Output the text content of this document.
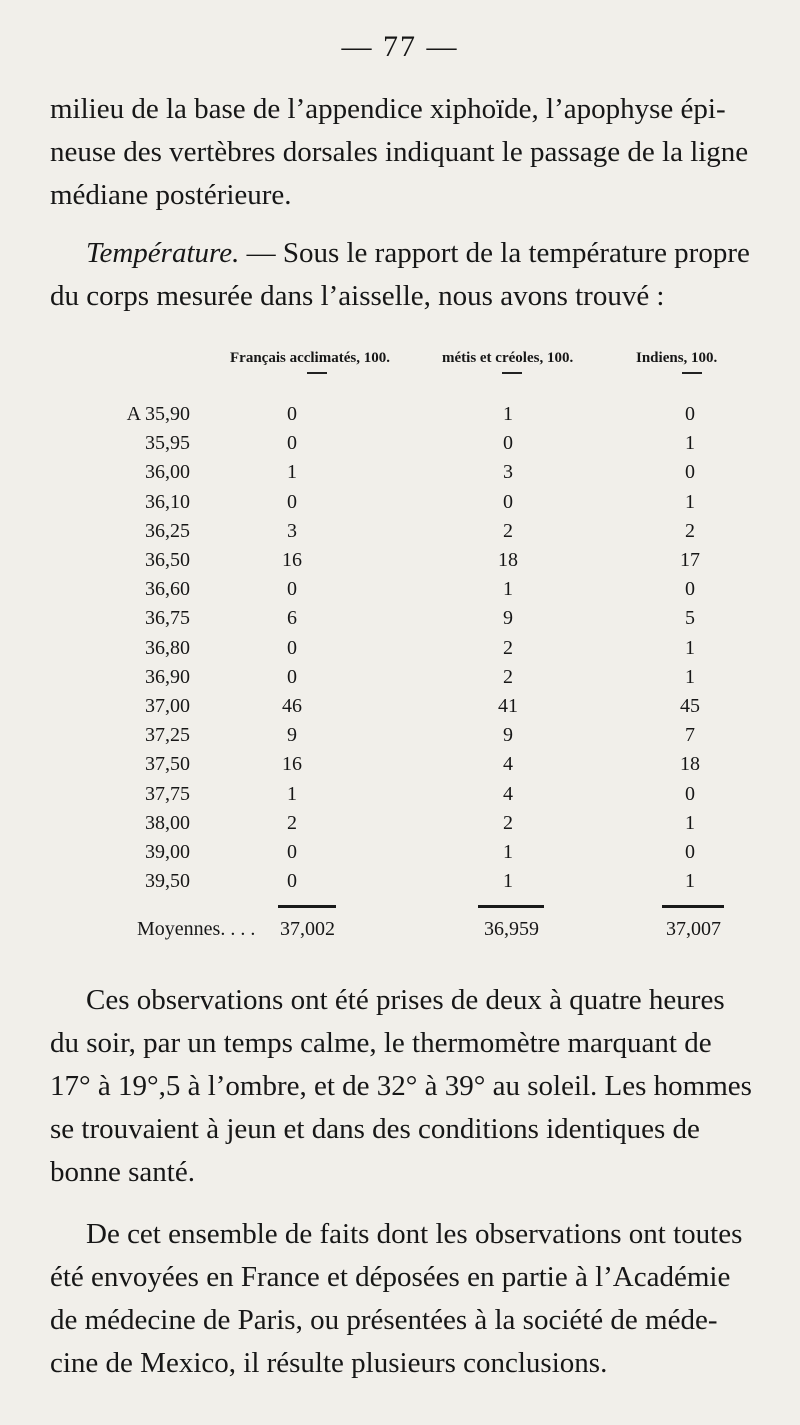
— 77 —

milieu de la base de l’appendice xiphoïde, l’apophyse épi-
neuse des vertèbres dorsales indiquant le passage de la ligne
médiane postérieure.

Température. — Sous le rapport de la température propre
du corps mesurée dans l’aisselle, nous avons trouvé :

Français acclimatés, 100.	métis et créoles, 100.	Indiens, 100.
A 35,90	0	1	0
35,95	0	0	1
36,00	1	3	0
36,10	0	0	1
36,25	3	2	2
36,50	16	18	17
36,60	0	1	0
36,75	6	9	5
36,80	0	2	1
36,90	0	2	1
37,00	46	41	45
37,25	9	9	7
37,50	16	4	18
37,75	1	4	0
38,00	2	2	1
39,00	0	1	0
39,50	0	1	1
Moyennes. . . . 37,002	36,959	37,007

Ces observations ont été prises de deux à quatre heures
du soir, par un temps calme, le thermomètre marquant de
17° à 19°,5 à l’ombre, et de 32° à 39° au soleil. Les hommes
se trouvaient à jeun et dans des conditions identiques de
bonne santé.

De cet ensemble de faits dont les observations ont toutes
été envoyées en France et déposées en partie à l’Académie
de médecine de Paris, ou présentées à la société de méde-
cine de Mexico, il résulte plusieurs conclusions.
